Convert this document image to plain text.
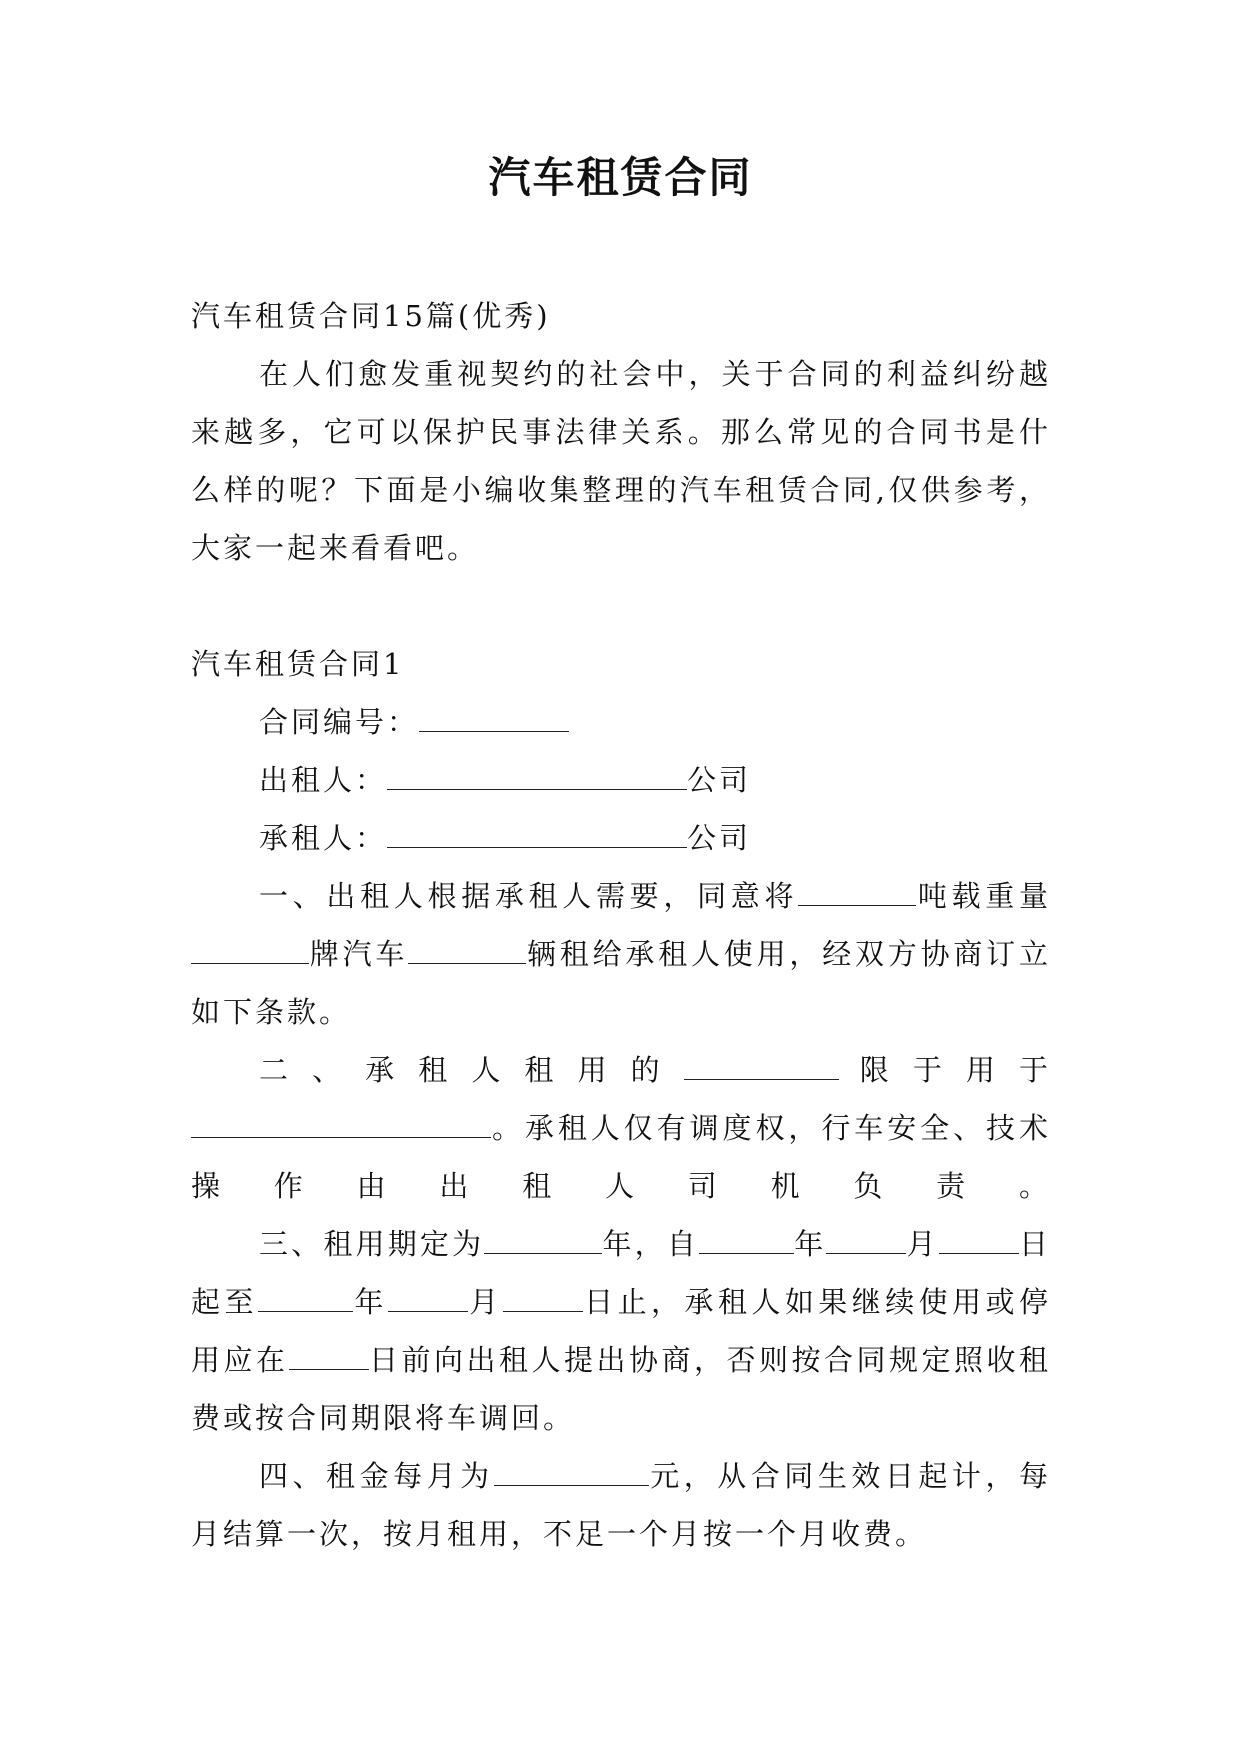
汽车租赁合同

汽车租赁合同15篇(优秀)

在人们愈发重视契约的社会中，关于合同的利益纠纷越来越多，它可以保护民事法律关系。那么常见的合同书是什么样的呢？下面是小编收集整理的汽车租赁合同,仅供参考，大家一起来看看吧。

汽车租赁合同1

合同编号：

出租人：	公司

承租人：	公司

一、出租人根据承租人需要，同意将	吨载重量牌汽车	辆租给承租人使用，经双方协商订立如下条款。

二、承租人租用的	限于用于。承租人仅有调度权，行车安全、技术操作由出租人司机负责。

三、租用期定为	年，自	年	月	日起至	年	月	日止，承租人如果继续使用或停用应在	日前向出租人提出协商，否则按合同规定照收租费或按合同期限将车调回。

四、租金每月为	元，从合同生效日起计，每月结算一次，按月租用，不足一个月按一个月收费。
